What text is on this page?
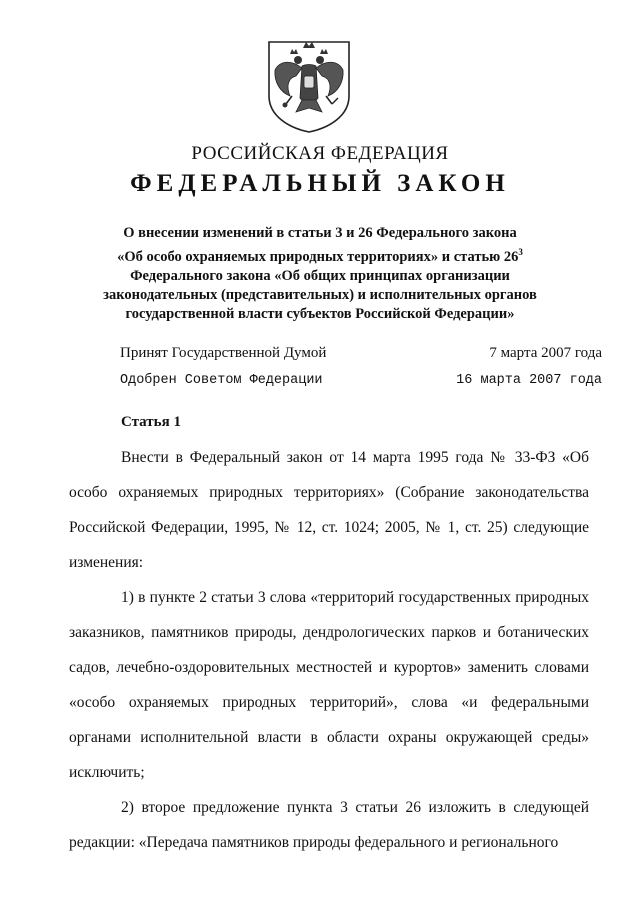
РОССИЙСКАЯ ФЕДЕРАЦИЯ
ФЕДЕРАЛЬНЫЙ ЗАКОН
О внесении изменений в статьи 3 и 26 Федерального закона
«Об особо охраняемых природных территориях» и статью $26^3$
Федерального закона «Об общих принципах организации
законодательных (представительных) и исполнительных органов
государственной власти субъектов Российской Федерации»
Принят Государственной Думой	7 марта 2007 года
Одобрен Советом Федерации	16 марта 2007 года
Статья 1

Внести в Федеральный закон от 14 марта 1995 года № 33-ФЗ «Об особо охраняемых природных территориях» (Собрание законодательства Российской Федерации, 1995, № 12, ст. 1024; 2005, № 1, ст. 25) следующие изменения:

1) в пункте 2 статьи 3 слова «территорий государственных природных заказников, памятников природы, дендрологических парков и ботанических садов, лечебно-оздоровительных местностей и курортов» заменить словами «особо охраняемых природных территорий», слова «и федеральными органами исполнительной власти в области охраны окружающей среды» исключить;

2) второе предложение пункта 3 статьи 26 изложить в следующей редакции: «Передача памятников природы федерального и регионального
